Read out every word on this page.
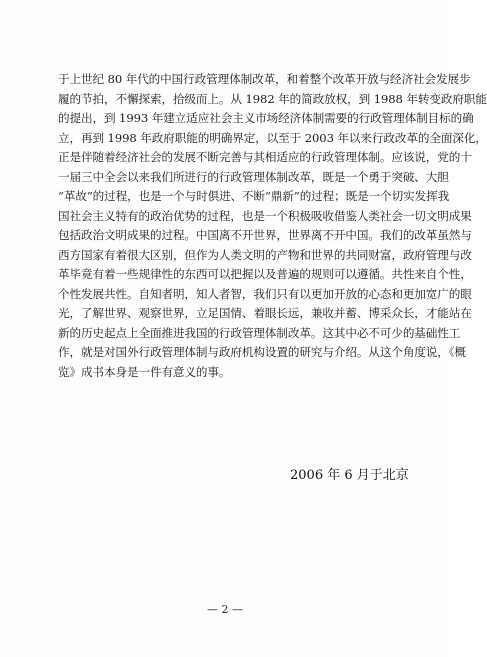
于上世纪 80 年代的中国行政管理体制改革，和着整个改革开放与经济社会发展步
履的节拍，不懈探索，拾级而上。从 1982 年的简政放权，到 1988 年转变政府职能
的提出，到 1993 年建立适应社会主义市场经济体制需要的行政管理体制目标的确
立，再到 1998 年政府职能的明确界定，以至于 2003 年以来行政改革的全面深化，
正是伴随着经济社会的发展不断完善与其相适应的行政管理体制。应该说，党的十
一届三中全会以来我们所进行的行政管理体制改革，既是一个勇于突破、大胆
“革故”的过程，也是一个与时俱进、不断“鼎新”的过程；既是一个切实发挥我
国社会主义特有的政治优势的过程，也是一个积极吸收借鉴人类社会一切文明成果
包括政治文明成果的过程。中国离不开世界，世界离不开中国。我们的改革虽然与
西方国家有着很大区别，但作为人类文明的产物和世界的共同财富，政府管理与改
革毕竟有着一些规律性的东西可以把握以及普遍的规则可以遵循。共性来自个性，
个性发展共性。自知者明，知人者智，我们只有以更加开放的心态和更加宽广的眼
光，了解世界、观察世界，立足国情、着眼长远，兼收并蓄、博采众长，才能站在
新的历史起点上全面推进我国的行政管理体制改革。这其中必不可少的基础性工
作，就是对国外行政管理体制与政府机构设置的研究与介绍。从这个角度说，《概
览》成书本身是一件有意义的事。
2006 年 6 月于北京
— 2 —
